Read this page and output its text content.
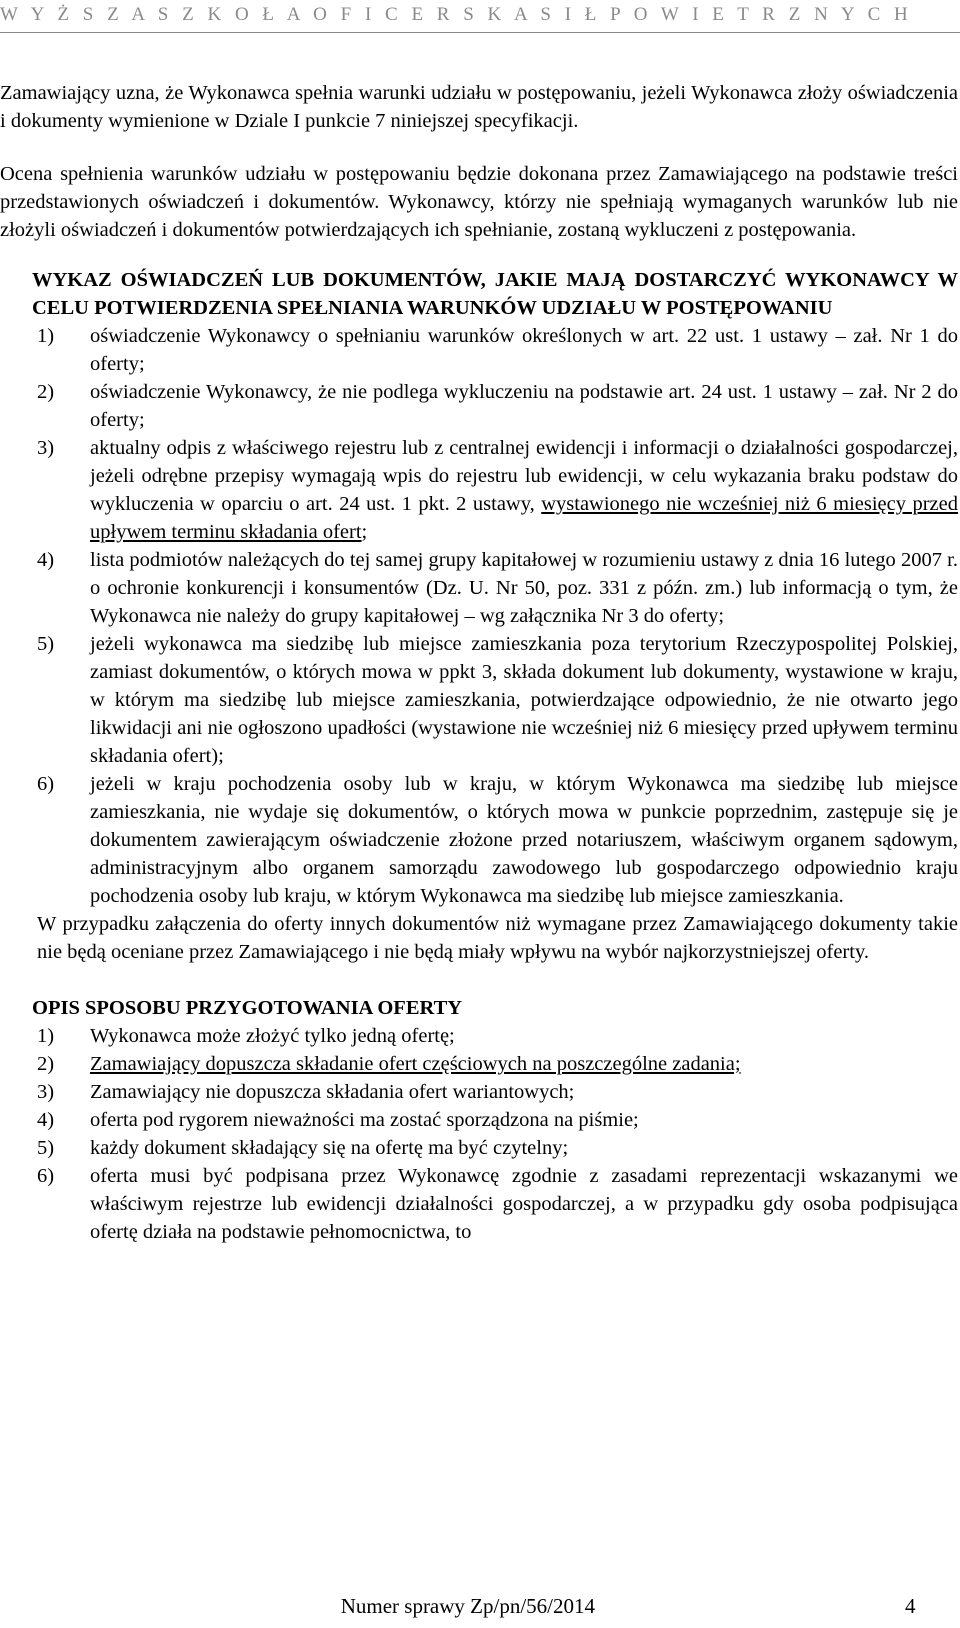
W Y Ż S Z A S Z K O Ł A O F I C E R S K A S I Ł P O W I E T R Z N Y C H

Zamawiający uzna, że Wykonawca spełnia warunki udziału w postępowaniu, jeżeli Wykonawca złoży oświadczenia i dokumenty wymienione w Dziale I punkcie 7 niniejszej specyfikacji.

Ocena spełnienia warunków udziału w postępowaniu będzie dokonana przez Zamawiającego na podstawie treści przedstawionych oświadczeń i dokumentów. Wykonawcy, którzy nie spełniają wymaganych warunków lub nie złożyli oświadczeń i dokumentów potwierdzających ich spełnianie, zostaną wykluczeni z postępowania.

WYKAZ OŚWIADCZEŃ LUB DOKUMENTÓW, JAKIE MAJĄ DOSTARCZYĆ WYKONAWCY W CELU POTWIERDZENIA SPEŁNIANIA WARUNKÓW UDZIAŁU W POSTĘPOWANIU

1) oświadczenie Wykonawcy o spełnianiu warunków określonych w art. 22 ust. 1 ustawy – zał. Nr 1 do oferty;
2) oświadczenie Wykonawcy, że nie podlega wykluczeniu na podstawie art. 24 ust. 1 ustawy – zał. Nr 2 do oferty;
3) aktualny odpis z właściwego rejestru lub z centralnej ewidencji i informacji o działalności gospodarczej, jeżeli odrębne przepisy wymagają wpis do rejestru lub ewidencji, w celu wykazania braku podstaw do wykluczenia w oparciu o art. 24 ust. 1 pkt. 2 ustawy, wystawionego nie wcześniej niż 6 miesięcy przed upływem terminu składania ofert;
4) lista podmiotów należących do tej samej grupy kapitałowej w rozumieniu ustawy z dnia 16 lutego 2007 r. o ochronie konkurencji i konsumentów (Dz. U. Nr 50, poz. 331 z późn. zm.) lub informacją o tym, że Wykonawca nie należy do grupy kapitałowej – wg załącznika Nr 3 do oferty;
5) jeżeli wykonawca ma siedzibę lub miejsce zamieszkania poza terytorium Rzeczypospolitej Polskiej, zamiast dokumentów, o których mowa w ppkt 3, składa dokument lub dokumenty, wystawione w kraju, w którym ma siedzibę lub miejsce zamieszkania, potwierdzające odpowiednio, że nie otwarto jego likwidacji ani nie ogłoszono upadłości (wystawione nie wcześniej niż 6 miesięcy przed upływem terminu składania ofert);
6) jeżeli w kraju pochodzenia osoby lub w kraju, w którym Wykonawca ma siedzibę lub miejsce zamieszkania, nie wydaje się dokumentów, o których mowa w punkcie poprzednim, zastępuje się je dokumentem zawierającym oświadczenie złożone przed notariuszem, właściwym organem sądowym, administracyjnym albo organem samorządu zawodowego lub gospodarczego odpowiednio kraju pochodzenia osoby lub kraju, w którym Wykonawca ma siedzibę lub miejsce zamieszkania.

W przypadku załączenia do oferty innych dokumentów niż wymagane przez Zamawiającego dokumenty takie nie będą oceniane przez Zamawiającego i nie będą miały wpływu na wybór najkorzystniejszej oferty.

OPIS SPOSOBU PRZYGOTOWANIA OFERTY

1) Wykonawca może złożyć tylko jedną ofertę;
2) Zamawiający dopuszcza składanie ofert częściowych na poszczególne zadania;
3) Zamawiający nie dopuszcza składania ofert wariantowych;
4) oferta pod rygorem nieważności ma zostać sporządzona na piśmie;
5) każdy dokument składający się na ofertę ma być czytelny;
6) oferta musi być podpisana przez Wykonawcę zgodnie z zasadami reprezentacji wskazanymi we właściwym rejestrze lub ewidencji działalności gospodarczej, a w przypadku gdy osoba podpisująca ofertę działa na podstawie pełnomocnictwa, to
Numer sprawy Zp/pn/56/2014	4
